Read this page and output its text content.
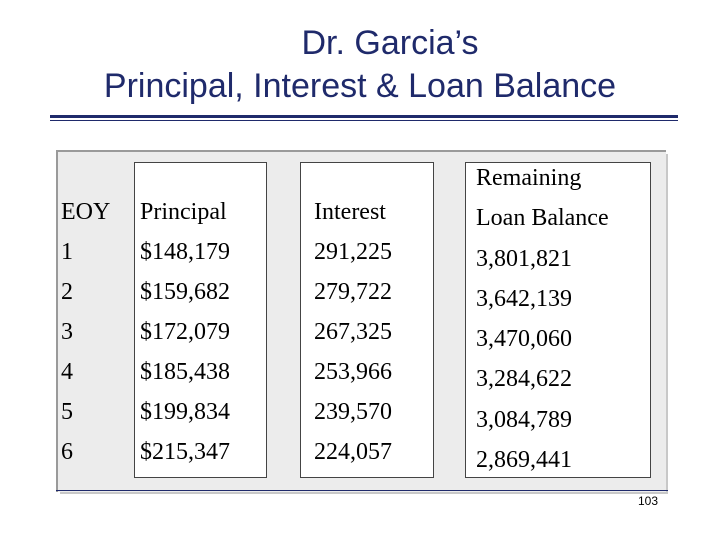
Dr. Garcia’s
Principal, Interest & Loan Balance
EOY
1
2
3
4
5
6
Principal
$148,179
$159,682
$172,079
$185,438
$199,834
$215,347
Interest
291,225
279,722
267,325
253,966
239,570
224,057
Remaining
Loan Balance
3,801,821
3,642,139
3,470,060
3,284,622
3,084,789
2,869,441
103
